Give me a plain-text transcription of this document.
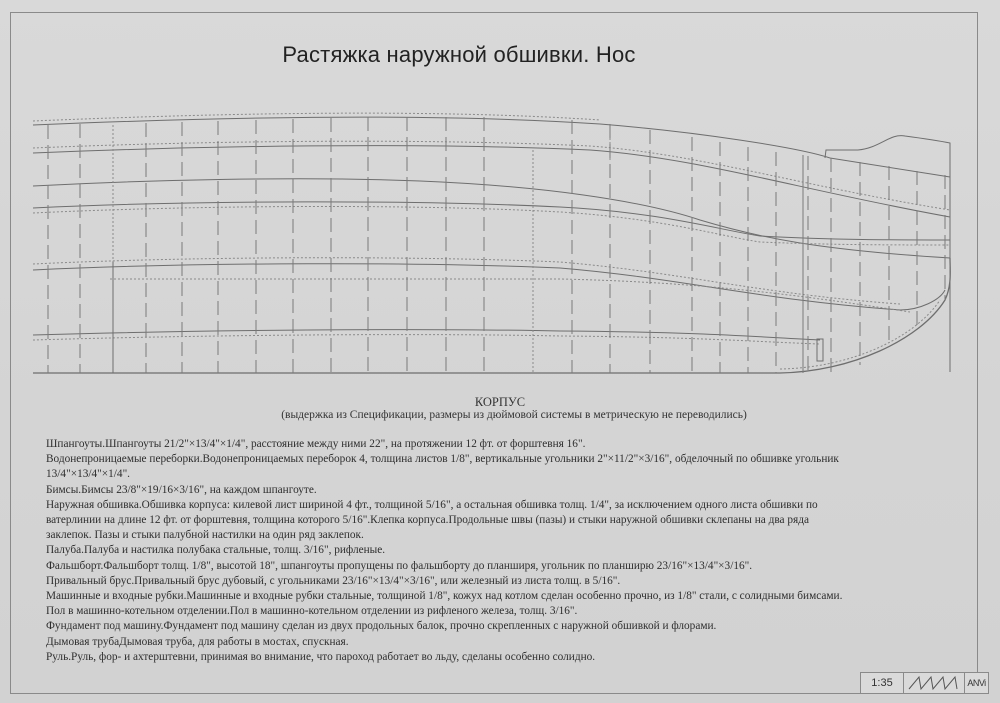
Растяжка наружной обшивки. Нос
КОРПУС
(выдержка из Спецификации, размеры из дюймовой системы в метрическую не переводились)

Шпангоуты.Шпангоуты 21/2"×13/4"×1/4", расстояние между ними 22", на протяжении 12 фт. от форштевня 16".

Водонепроницаемые переборки.Водонепроницаемых переборок 4, толщина листов 1/8", вертикальные угольники 2"×11/2"×3/16", обделочный по обшивке угольник

13/4"×13/4"×1/4".

Бимсы.Бимсы 23/8"×19/16×3/16", на каждом шпангоуте.

Наружная обшивка.Обшивка корпуса: килевой лист шириной 4 фт., толщиной 5/16", а остальная обшивка толщ. 1/4", за исключением одного листа обшивки по

ватерлинии на длине 12 фт. от форштевня, толщина которого 5/16".Клепка корпуса.Продольные швы (пазы) и стыки наружной обшивки склепаны на два ряда

заклепок. Пазы и стыки палубной настилки на один ряд заклепок.

Палуба.Палуба и настилка полубака стальные, толщ. 3/16", рифленые.

Фальшборт.Фальшборт толщ. 1/8", высотой 18", шпангоуты пропущены по фальшборту до планширя, угольник по планширю 23/16"×13/4"×3/16".

Привальный брус.Привальный брус дубовый, с угольниками 23/16"×13/4"×3/16", или железный из листа толщ. в 5/16".

Машинные и входные рубки.Машинные и входные рубки стальные, толщиной 1/8", кожух над котлом сделан особенно прочно, из 1/8" стали, с солидными бимсами.

Пол в машинно-котельном отделении.Пол в машинно-котельном отделении из рифленого железа, толщ. 3/16".

Фундамент под машину.Фундамент под машину сделан из двух продольных балок, прочно скрепленных с наружной обшивкой и флорами.

Дымовая трубаДымовая труба, для работы в мостах, спускная.

Руль.Руль, фор- и ахтерштевни, принимая во внимание, что пароход работает во льду, сделаны особенно солидно.

1:35	ANVi
